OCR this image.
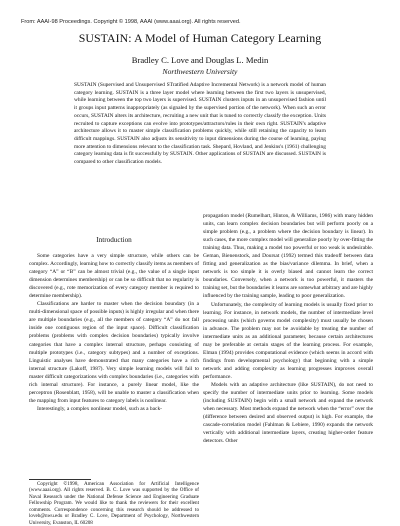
From: AAAI-98 Proceedings. Copyright © 1998, AAAI (www.aaai.org). All rights reserved.
SUSTAIN: A Model of Human Category Learning
Bradley C. Love and Douglas L. Medin
Northwestern University

SUSTAIN (Supervised and Unsupervised STratified Adaptive Incremental Network) is a network model of human category learning. SUSTAIN is a three layer model where learning between the first two layers is unsupervised, while learning between the top two layers is supervised. SUSTAIN clusters inputs in an unsupervised fashion until it groups input patterns inappropriately (as signaled by the supervised portion of the network). When such an error occurs, SUSTAIN alters its architecture, recruiting a new unit that is tuned to correctly classify the exception. Units recruited to capture exceptions can evolve into prototypes/attractors/rules in their own right. SUSTAIN's adaptive architecture allows it to master simple classification problems quickly, while still retaining the capacity to learn difficult mappings. SUSTAIN also adjusts its sensitivity to input dimensions during the course of learning, paying more attention to dimensions relevant to the classification task. Shepard, Hovland, and Jenkins's (1961) challenging category learning data is fit successfully by SUSTAIN. Other applications of SUSTAIN are discussed. SUSTAIN is compared to other classification models.

Introduction

Some categories have a very simple structure, while others can be complex. Accordingly, learning how to correctly classify items as members of category “A” or “B” can be almost trivial (e.g., the value of a single input dimension determines membership) or can be so difficult that no regularity is discovered (e.g., rote memorization of every category member is required to determine membership).

Classifications are harder to master when the decision boundary (in a multi-dimensional space of possible inputs) is highly irregular and when there are multiple boundaries (e.g., all the members of category “A” do not fall inside one contiguous region of the input space). Difficult classification problems (problems with complex decision boundaries) typically involve categories that have a complex internal structure, perhaps consisting of multiple prototypes (i.e., category subtypes) and a number of exceptions. Linguistic analyses have demonstrated that many categories have a rich internal structure (Lakoff, 1987). Very simple learning models will fail to master difficult categorizations with complex boundaries (i.e., categories with rich internal structure). For instance, a purely linear model, like the perceptron (Rosenblatt, 1958), will be unable to master a classification when the mapping from input features to category labels is nonlinear.

Interestingly, a complex nonlinear model, such as a back-

Copyright ©1998, American Association for Artificial Intelligence (www.aaai.org). All rights reserved. B. C. Love was supported by the Office of Naval Research under the National Defense Science and Engineering Graduate Fellowship Program. We would like to thank the reviewers for their excellent comments. Correspondence concerning this research should be addressed to loveb@nwu.edu or Bradley C. Love, Department of Psychology, Northwestern University, Evanston, IL 60208

propagation model (Rumelhart, Hinton, & Williams, 1986) with many hidden units, can learn complex decision boundaries but will perform poorly on a simple problem (e.g., a problem where the decision boundary is linear). In such cases, the more complex model will generalize poorly by over-fitting the training data. Thus, making a model too powerful or too weak is undesirable. Geman, Bienenstock, and Doursat (1992) termed this tradeoff between data fitting and generalization as the bias/variance dilemma. In brief, when a network is too simple it is overly biased and cannot learn the correct boundaries. Conversely, when a network is too powerful, it masters the training set, but the boundaries it learns are somewhat arbitrary and are highly influenced by the training sample, leading to poor generalization.

Unfortunately, the complexity of learning models is usually fixed prior to learning. For instance, in network models, the number of intermediate level processing units (which governs model complexity) must usually be chosen in advance. The problem may not be avoidable by treating the number of intermediate units as an additional parameter, because certain architectures may be preferable at certain stages of the learning process. For example, Elman (1994) provides computational evidence (which seems in accord with findings from developmental psychology) that beginning with a simple network and adding complexity as learning progresses improves overall performance.

Models with an adaptive architecture (like SUSTAIN), do not need to specify the number of intermediate units prior to learning. Some models (including SUSTAIN) begin with a small network and expand the network when necessary. Most methods expand the network when the “error” over the (difference between desired and observed output) is high. For example, the cascade-correlation model (Fahlman & Lebiere, 1990) expands the network vertically with additional intermediate layers, creating higher-order feature detectors. Other
